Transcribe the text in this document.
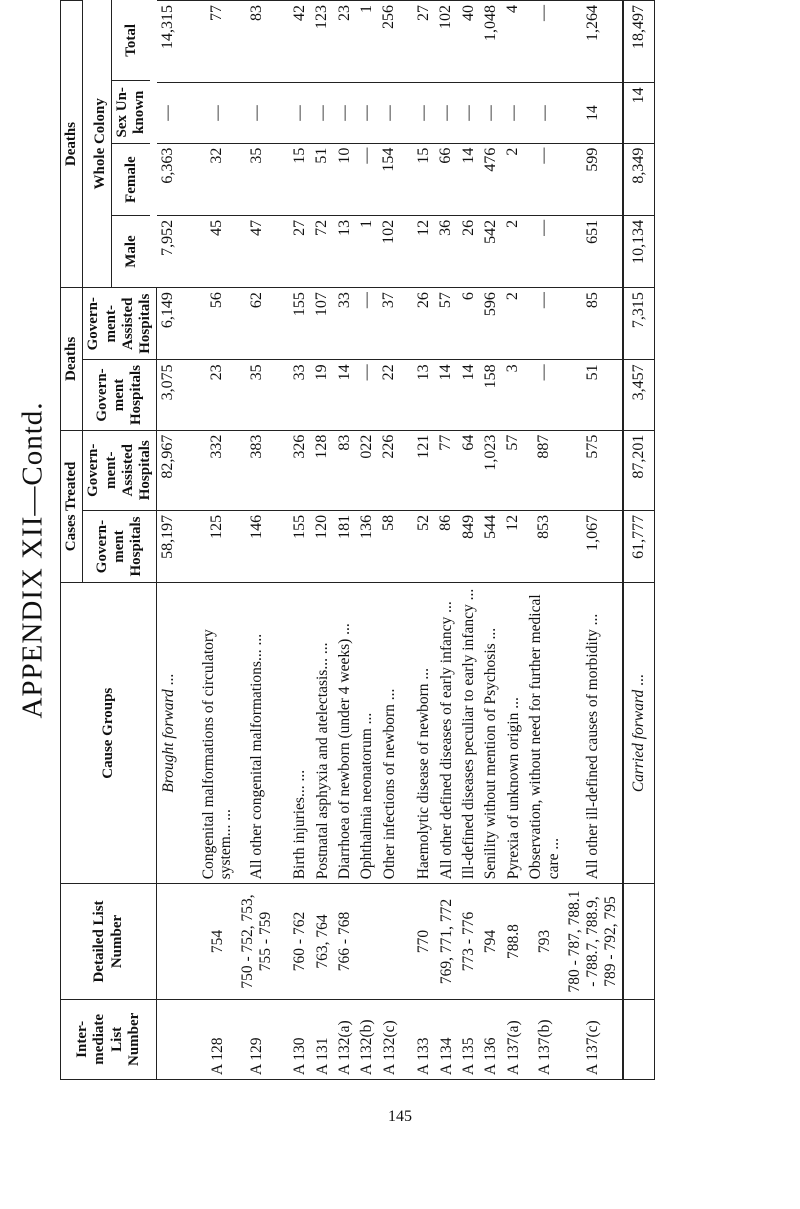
APPENDIX XII—Contd.
Inter-mediate List Number	Detailed List Number	Cause Groups	Cases Treated	Deaths	Deaths
Govern-ment Hospitals	Govern-ment-Assisted Hospitals	Govern-ment Hospitals	Govern-ment-Assisted Hospitals	
Whole Colony
Male	Female	Sex Un-known	Total

		Brought forward ...	58,197	82,967	3,075	6,149	7,952	6,363	—	14,315
A 128	754	Congenital malformations of circulatory system... ...	125	332	23	56	45	32	—	77
A 129	750 - 752, 753, 755 - 759	All other congenital malformations... ...	146	383	35	62	47	35	—	83
A 130	760 - 762	Birth injuries... ...	155	326	33	155	27	15	—	42
A 131	763, 764	Postnatal asphyxia and atelectasis... ...	120	128	19	107	72	51	—	123
A 132(a)	766 - 768	Diarrhoea of newborn (under 4 weeks) ...	181	83	14	33	13	10	—	23
A 132(b)		Ophthalmia neonatorum ...	136	022	—	—	1	—	—	1
A 132(c)		Other infections of newborn ...	58	226	22	37	102	154	—	256
A 133	770	Haemolytic disease of newborn ...	52	121	13	26	12	15	—	27
A 134	769, 771, 772	All other defined diseases of early infancy ...	86	77	14	57	36	66	—	102
A 135	773 - 776	Ill-defined diseases peculiar to early infancy ...	849	64	14	6	26	14	—	40
A 136	794	Senility without mention of Psychosis ...	544	1,023	158	596	542	476	—	1,048
A 137(a)	788.8	Pyrexia of unknown origin ...	12	57	3	2	2	2	—	4
A 137(b)	793	Observation, without need for further medical care ...	853	887	—	—	—	—	—	—
A 137(c)	780 - 787, 788.1 - 788.7, 788.9, 789 - 792, 795	All other ill-defined causes of morbidity ...	1,067	575	51	85	651	599	14	1,264
		Carried forward ...	61,777	87,201	3,457	7,315	10,134	8,349	14	18,497
145
